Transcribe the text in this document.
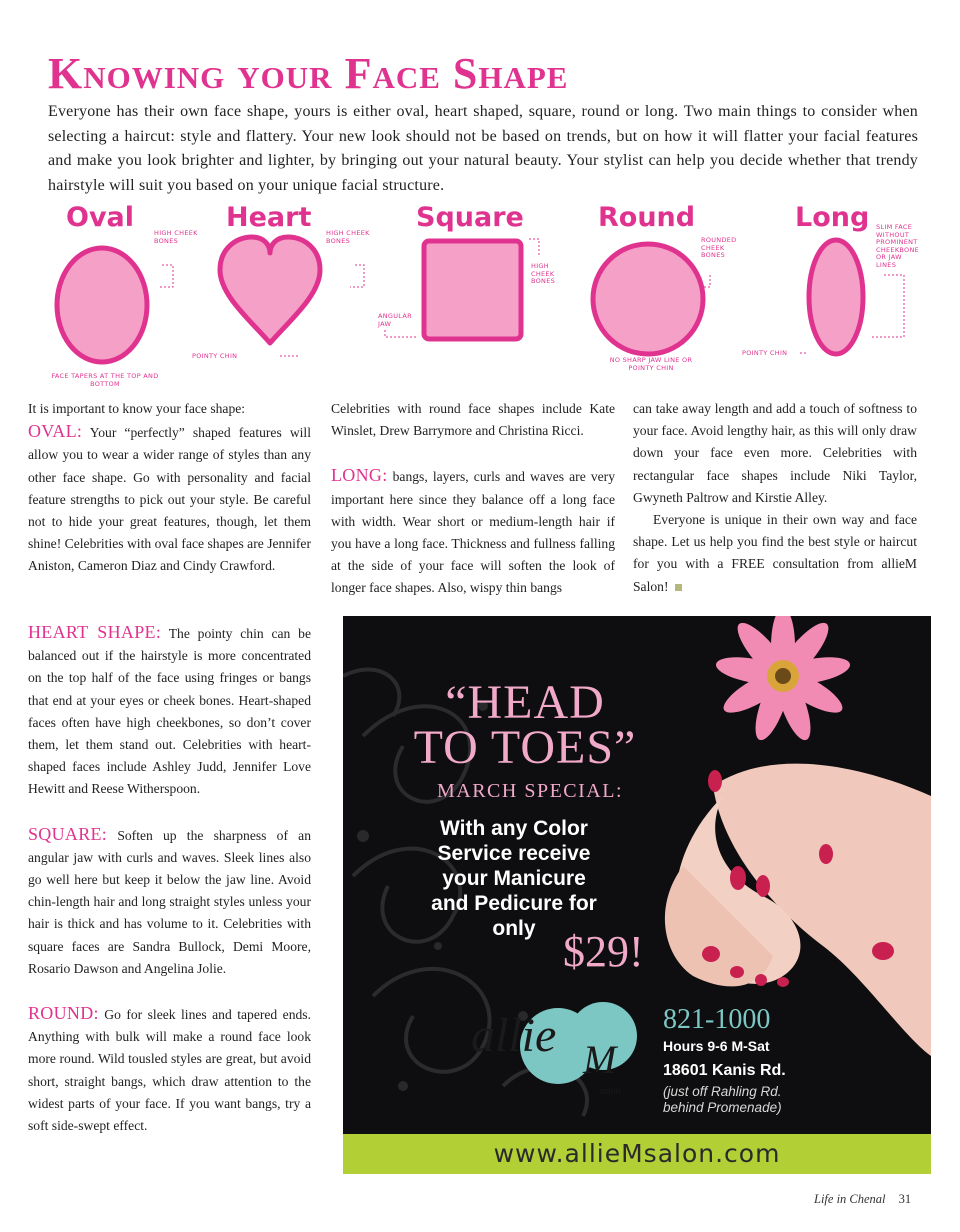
Knowing your Face Shape
Everyone has their own face shape, yours is either oval, heart shaped, square, round or long. Two main things to consider when selecting a haircut: style and flattery. Your new look should not be based on trends, but on how it will flatter your facial features and make you look brighter and lighter, by bringing out your natural beauty. Your stylist can help you decide whether that trendy hairstyle will suit you based on your unique facial structure.
Oval	HIGH CHEEK BONES
FACE TAPERS AT THE TOP AND BOTTOM
Heart HIGH CHEEK BONES
POINTY CHIN
Square
HIGH CHEEK BONES
ANGULAR JAW
Round
ROUNDED CHEEK BONES
NO SHARP JAW LINE OR POINTY CHIN
Long SLIM FACE WITHOUT PROMINENT CHEEKBONE OR JAW LINES
POINTY CHIN

It is important to know your face shape:

OVAL: Your “perfectly” shaped features will allow you to wear a wider range of styles than any other face shape. Go with personality and facial feature strengths to pick out your style. Be careful not to hide your great features, though, let them shine! Celebrities with oval face shapes are Jennifer Aniston, Cameron Diaz and Cindy Crawford.

Celebrities with round face shapes include Kate Winslet, Drew Barrymore and Christina Ricci.

LONG: bangs, layers, curls and waves are very important here since they balance off a long face with width. Wear short or medium-length hair if you have a long face. Thickness and fullness falling at the side of your face will soften the look of longer face shapes. Also, wispy thin bangs

can take away length and add a touch of softness to your face. Avoid lengthy hair, as this will only draw down your face even more. Celebrities with rectangular face shapes include Niki Taylor, Gwyneth Paltrow and Kirstie Alley.

Everyone is unique in their own way and face shape. Let us help you find the best style or haircut for you with a FREE consultation from allieM Salon!

HEART SHAPE: The pointy chin can be balanced out if the hairstyle is more concentrated on the top half of the face using fringes or bangs that end at your eyes or cheek bones. Heart-shaped faces often have high cheekbones, so don’t cover them, let them stand out. Celebrities with heart-shaped faces include Ashley Judd, Jennifer Love Hewitt and Reese Witherspoon.

SQUARE: Soften up the sharpness of an angular jaw with curls and waves. Sleek lines also go well here but keep it below the jaw line. Avoid chin-length hair and long straight styles unless your hair is thick and has volume to it. Celebrities with square faces are Sandra Bullock, Demi Moore, Rosario Dawson and Angelina Jolie.

ROUND: Go for sleek lines and tapered ends. Anything with bulk will make a round face look more round. Wild tousled styles are great, but avoid short, straight bangs, which draw attention to the widest parts of your face. If you want bangs, try a soft side-swept effect.

allie M
salon
“HEAD
TO TOES”
MARCH SPECIAL:
With any Color Service receive your Manicure and Pedicure for only $29!
821-1000
Hours 9-6 M-Sat
18601 Kanis Rd.
(just off Rahling Rd. behind Promenade)
www.allieMsalon.com
Life in Chenal 31
